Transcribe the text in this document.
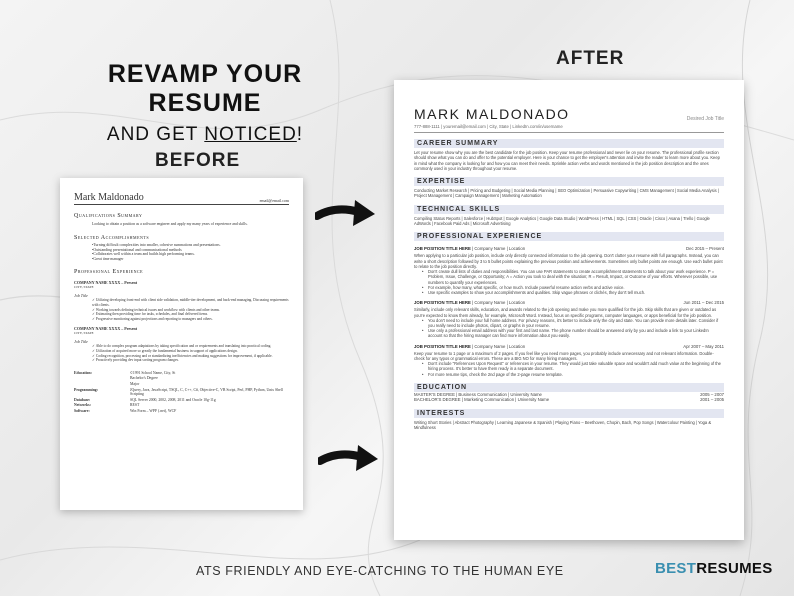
REVAMP YOUR RESUME
AND GET NOTICED!
BEFORE
AFTER
Mark Maldonado	email@email.com
Qualifications Summary
Looking to obtain a position as a software engineer and apply my many years of experience and skills.
Selected Accomplishments
• Turning difficult complexities into smaller, cohesive summations and presentations.
• Outstanding presentational and communicational methods
• Collaborates well within a team and builds high performing teams.
• Great time manager
Professional Experience
COMPANY NAME XXXX – Present
CITY, STATE
Job Title
✓ Utilizing developing front-end with client side validation, middle-tier development, and back-end managing. Discussing requirements with clients.
✓ Working towards defining technical issues and workflow with clients and other teams.
✓ Estimating then providing time for tasks, schedules, and final delivered items.
✓ Progressive monitoring against projections and reporting to managers and others.
COMPANY NAME XXXX – Present
CITY, STATE
Job Title
✓ Able to do complex program adaptations by taking specification and or requirements and translating into practical coding.
✓ Utilization of acquired more so greatly the fundamental business in support of applications design.
✓ Coding recognition, processing and or standardizing inefficiencies and making suggestions for improvement, if applicable.
✓ Proactively providing dev input sorting program changes.
Education:	©1991 School Name, City, St
Bachelor's Degree
Major
Programming:	JQuery, Java, JavaScript, TSQL, C, C++, C#, Objective-C, VB Script, Perl, PHP, Python, Unix Shell Scripting
Database:	SQL Server 2000, 2002, 2008, 2011 and Oracle 10g-11g
Networks:	REST
Software:	Win Form – WPF (.net), WCF
MARK MALDONADO	Desired Job Title
777-888-1111 | youremail@email.com | City, State | LinkedIn.com/in/username
CAREER SUMMARY
Let your resume show why you are the best candidate for the job position. Keep your resume professional and never lie on your resume. The professional profile section should show what you can do and offer to the potential employer. Here is your chance to get the employer's attention and invite the reader to learn more about you. Keep in mind what the company is looking for and how you can meet their needs. Sprinkle action verbs and words mentioned in the job position description and the ones commonly used in your industry throughout your resume.
EXPERTISE
Conducting Market Research | Pricing and Budgeting | Social Media Planning | SEO Optimization | Persuasive Copywriting | CMS Management | Social Media Analysis | Project Management | Campaign Management | Marketing Automation
TECHNICAL SKILLS
Compiling Status Reports | Salesforce | HubSpot | Google Analytics | Google Data Studio | WordPress | HTML | SQL | CSS | Oracle | Cisco | Asana | Trello | Google AdWords | Facebook Paid Ads | Microsoft Advertising
PROFESSIONAL EXPERIENCE
JOB POSITION TITLE HERE | Company Name | Location	Dec 2015 – Present
When applying to a particular job position, include only directly connected information to the job opening. Don't clutter your resume with full paragraphs. Instead, you can write a short description followed by 3 to 5 bullet points explaining the previous position and achievements. Sometimes only bullet points are enough. Use each bullet point to relate to the job position directly.
• Don't create dull lists of duties and responsibilities. You can use PAR statements to create accomplishment statements to talk about your work experience. P = Problem, Issue, Challenge, or Opportunity; A = Action you took to deal with the situation; R = Result, Impact, or Outcome of your efforts. Wherever possible, use numbers to quantify your experiences.
• For example, how many, what specific, or how much. Include powerful resume action verbs and active voice.
• Use specific examples to show your accomplishments and qualities. Skip vague phrases or clichés, they don't tell much.
JOB POSITION TITLE HERE | Company Name | Location	Jun 2011 – Dec 2015
Similarly, include only relevant skills, education, and awards related to the job opening and make you more qualified for the job. Skip skills that are given or outdated as you're expected to know them already, for example, Microsoft Word. Instead, focus on specific programs, computer languages, or apps beneficial for the job position.
• You don't need to include your full home address. For privacy reasons, it's better to include only the city and state. You can provide more details later. Consider if you really need to include photos, clipart, or graphs in your resume.
• Use only a professional email address with your first and last name. The phone number should be answered only by you and include a link to your LinkedIn account so that the hiring manager can find more information about you easily.
JOB POSITION TITLE HERE | Company Name | Location	Apr 2007 – May 2011
Keep your resume to 1 page or a maximum of 2 pages. If you feel like you need more pages, you probably include unnecessary and not relevant information. Double-check for any typos or grammatical errors. These are a BIG NO for many hiring managers.
• Don't include "References Upon Request" or references in your resume. They would just take valuable space and wouldn't add much value at the beginning of the hiring process. It's better to have them ready in a separate document.
• For more resume tips, check the 2nd page of the 2-page resume template.
EDUCATION
MASTER'S DEGREE | Business Communication | University Name	2005 – 2007
BACHELOR'S DEGREE | Marketing Communication | University Name	2001 – 2005
INTERESTS
Writing Short Stories | Abstract Photography | Learning Japanese & Spanish | Playing Piano – Beethoven, Chopin, Bach, Pop Songs | Watercolour Painting | Yoga & Mindfulness
ATS FRIENDLY AND EYE-CATCHING TO THE HUMAN EYE	BESTRESUMES
